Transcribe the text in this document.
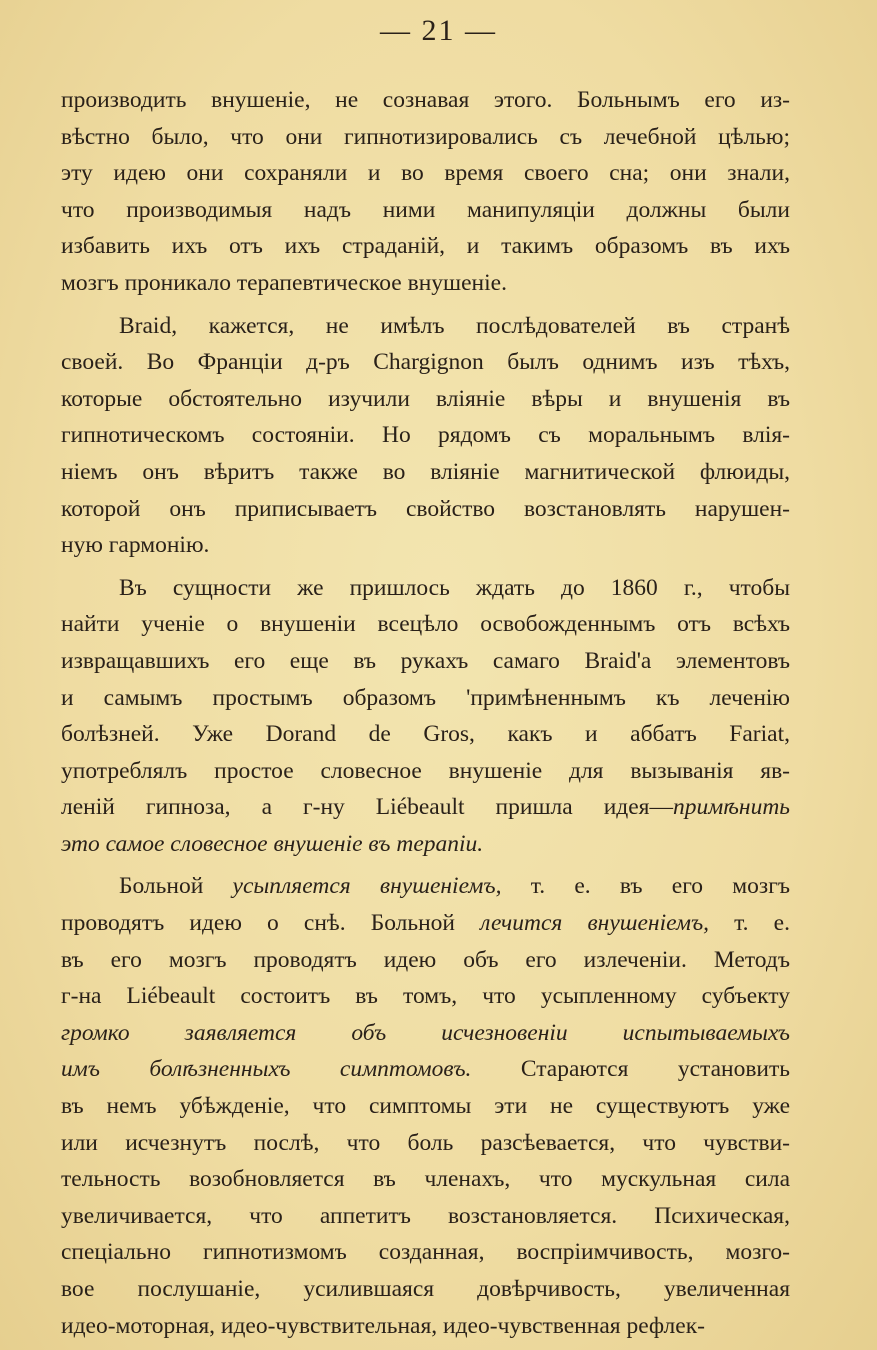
— 21 —
производить внушеніе, не сознавая этого. Больнымъ его из-
вѣстно было, что они гипнотизировались съ лечебной цѣлью;
эту идею они сохраняли и во время своего сна; они знали,
что производимыя надъ ними манипуляціи должны были
избавить ихъ отъ ихъ страданій, и такимъ образомъ въ ихъ
мозгъ проникало терапевтическое внушеніе.
Braid, кажется, не имѣлъ послѣдователей въ странѣ
своей. Во Франціи д-ръ Chargignon былъ однимъ изъ тѣхъ,
которые обстоятельно изучили вліяніе вѣры и внушенія въ
гипнотическомъ состояніи. Но рядомъ съ моральнымъ влія-
ніемъ онъ вѣритъ также во вліяніе магнитической флюиды,
которой онъ приписываетъ свойство возстановлять нарушен-
ную гармонію.
Въ сущности же пришлось ждать до 1860 г., чтобы
найти ученіе о внушеніи всецѣло освобожденнымъ отъ всѣхъ
извращавшихъ его еще въ рукахъ самаго Braid'а элементовъ
и самымъ простымъ образомъ 'примѣненнымъ къ леченію
болѣзней. Уже Dorand de Gros, какъ и аббатъ Fariat,
употреблялъ простое словесное внушеніе для вызыванія яв-
леній гипноза, а г-ну Liébeault пришла идея—примѣнить
это самое словесное внушеніе въ терапіи.
Больной усыпляется внушеніемъ, т. е. въ его мозгъ
проводятъ идею о снѣ. Больной лечится внушеніемъ, т. е.
въ его мозгъ проводятъ идею объ его излеченіи. Методъ
г-на Liébeault состоитъ въ томъ, что усыпленному субъекту
громко заявляется объ исчезновеніи испытываемыхъ
имъ болѣзненныхъ симптомовъ. Стараются установить
въ немъ убѣжденіе, что симптомы эти не существуютъ уже
или исчезнутъ послѣ, что боль разсѣевается, что чувстви-
тельность возобновляется въ членахъ, что мускульная сила
увеличивается, что аппетитъ возстановляется. Психическая,
спеціально гипнотизмомъ созданная, воспріимчивость, мозго-
вое послушаніе, усилившаяся довѣрчивость, увеличенная
идео-моторная, идео-чувствительная, идео-чувственная рефлек-
